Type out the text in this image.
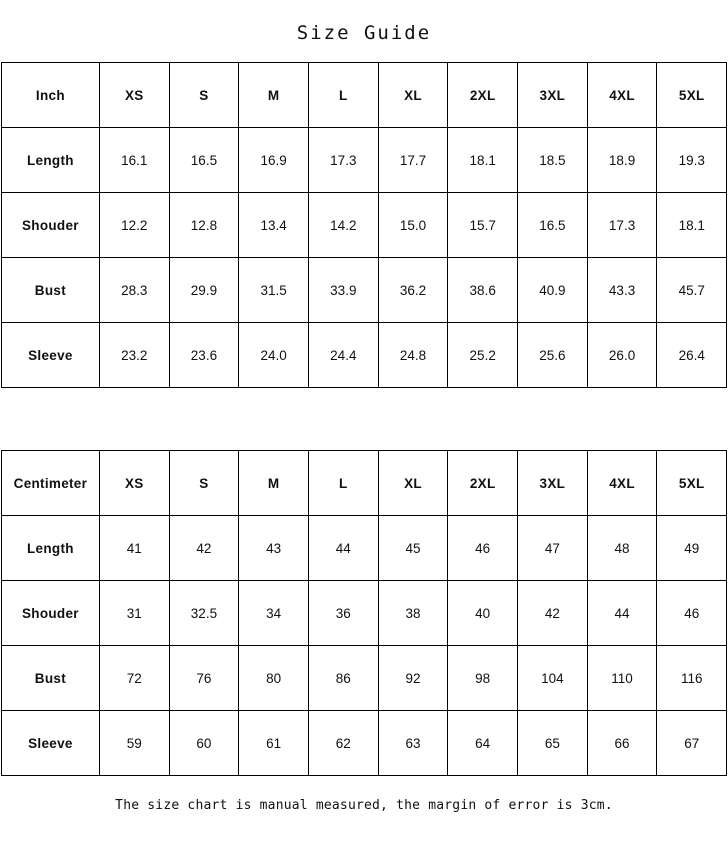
Size Guide
Inch	XS	S	M	L	XL	2XL	3XL	4XL	5XL
Length	16.1	16.5	16.9	17.3	17.7	18.1	18.5	18.9	19.3
Shouder	12.2	12.8	13.4	14.2	15.0	15.7	16.5	17.3	18.1
Bust	28.3	29.9	31.5	33.9	36.2	38.6	40.9	43.3	45.7
Sleeve	23.2	23.6	24.0	24.4	24.8	25.2	25.6	26.0	26.4
Centimeter	XS	S	M	L	XL	2XL	3XL	4XL	5XL
Length	41	42	43	44	45	46	47	48	49
Shouder	31	32.5	34	36	38	40	42	44	46
Bust	72	76	80	86	92	98	104	110	116
Sleeve	59	60	61	62	63	64	65	66	67
The size chart is manual measured, the margin of error is 3cm.
